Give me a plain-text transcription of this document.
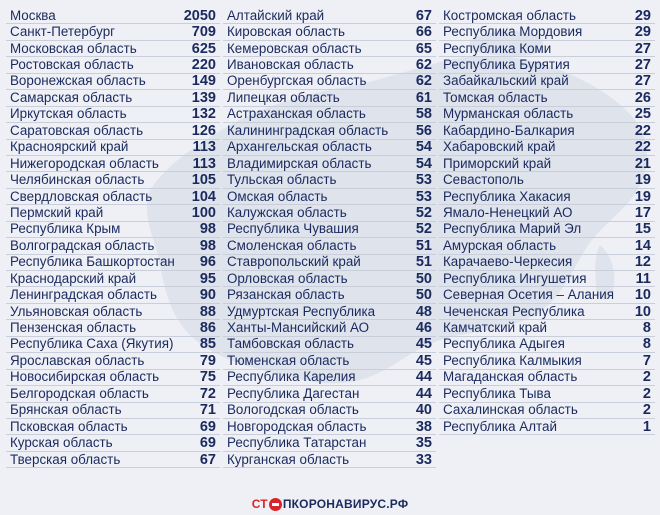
Москва	2050
Санкт-Петербург	709
Московская область	625
Ростовская область	220
Воронежская область	149
Самарская область	139
Иркутская область	132
Саратовская область	126
Красноярский край	113
Нижегородская область 113
Челябинская область	105
Свердловская область	104
Пермский край	100
Республика Крым	98
Волгоградская область	98
Республика Башкортостан 96
Краснодарский край	95
Ленинградская область	90
Ульяновская область	88
Пензенская область	86
Республика Саха (Якутия) 85
Ярославская область	79
Новосибирская область	75
Белгородская область	72
Брянская область	71
Псковская область	69
Курская область	69
Тверская область	67
Алтайский край	67
Кировская область	66
Кемеровская область	65
Ивановская область	62
Оренбургская область	62
Липецкая область	61
Астраханская область	58
Калининградская область 56
Архангельская область	54
Владимирская область	54
Тульская область	53
Омская область	53
Калужская область	52
Республика Чувашия	52
Смоленская область	51
Ставропольский край	51
Орловская область	50
Рязанская область	50
Удмуртская Республика	48
Ханты-Мансийский АО	46
Тамбовская область	45
Тюменская область	45
Республика Карелия	44
Республика Дагестан	44
Вологодская область	40
Новгородская область	38
Республика Татарстан	35
Курганская область	33
Костромская область	29
Республика Мордовия	29
Республика Коми	27
Республика Бурятия	27
Забайкальский край	27
Томская область	26
Мурманская область	25
Кабардино-Балкария	22
Хабаровский край	22
Приморский край	21
Севастополь	19
Республика Хакасия	19
Ямало-Ненецкий АО	17
Республика Марий Эл	15
Амурская область	14
Карачаево-Черкесия	12
Республика Ингушетия	11
Северная Осетия – Алания 10
Чеченская Республика	10
Камчатский край	8
Республика Адыгея	8
Республика Калмыкия	7
Магаданская область	2
Республика Тыва	2
Сахалинская область	2
Республика Алтай	1
СТ ПКОРОНАВИРУС.РФ
